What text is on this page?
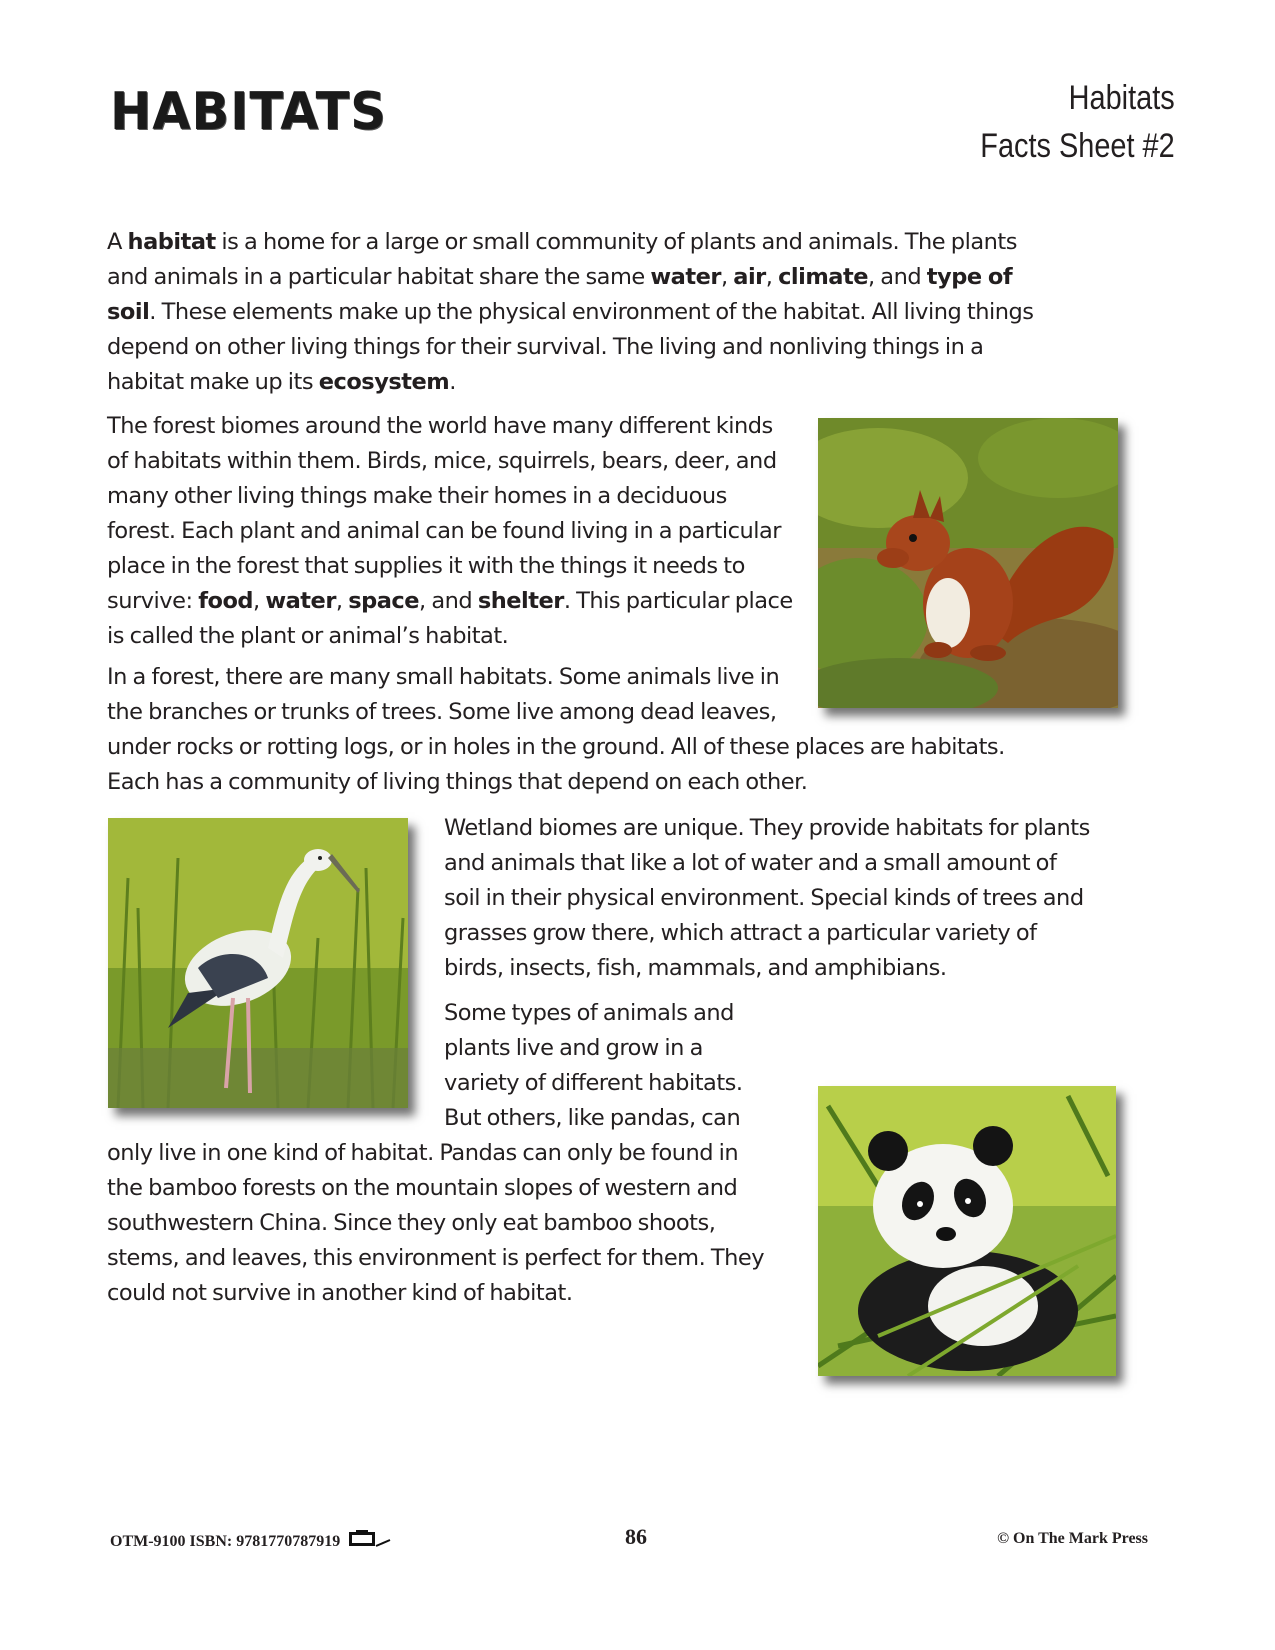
HABITATS	Habitats
Facts Sheet #2

A habitat is a home for a large or small community of plants and animals. The plants and animals in a particular habitat share the same water, air, climate, and type of soil. These elements make up the physical environment of the habitat. All living things depend on other living things for their survival. The living and nonliving things in a habitat make up its ecosystem.

The forest biomes around the world have many different kinds of habitats within them. Birds, mice, squirrels, bears, deer, and many other living things make their homes in a deciduous forest. Each plant and animal can be found living in a particular place in the forest that supplies it with the things it needs to survive: food, water, space, and shelter. This particular place is called the plant or animal’s habitat.

In a forest, there are many small habitats. Some animals live in the branches or trunks of trees. Some live among dead leaves, under rocks or rotting logs, or in holes in the ground. All of these places are habitats. Each has a community of living things that depend on each other.

Wetland biomes are unique. They provide habitats for plants and animals that like a lot of water and a small amount of soil in their physical environment. Special kinds of trees and grasses grow there, which attract a particular variety of birds, insects, fish, mammals, and amphibians.

Some types of animals and plants live and grow in a variety of different habitats. But others, like pandas, can only live in one kind of habitat. Pandas can only be found in the bamboo forests on the mountain slopes of western and southwestern China. Since they only eat bamboo shoots, stems, and leaves, this environment is perfect for them. They could not survive in another kind of habitat.
OTM-9100 ISBN: 9781770787919	86	© On The Mark Press
